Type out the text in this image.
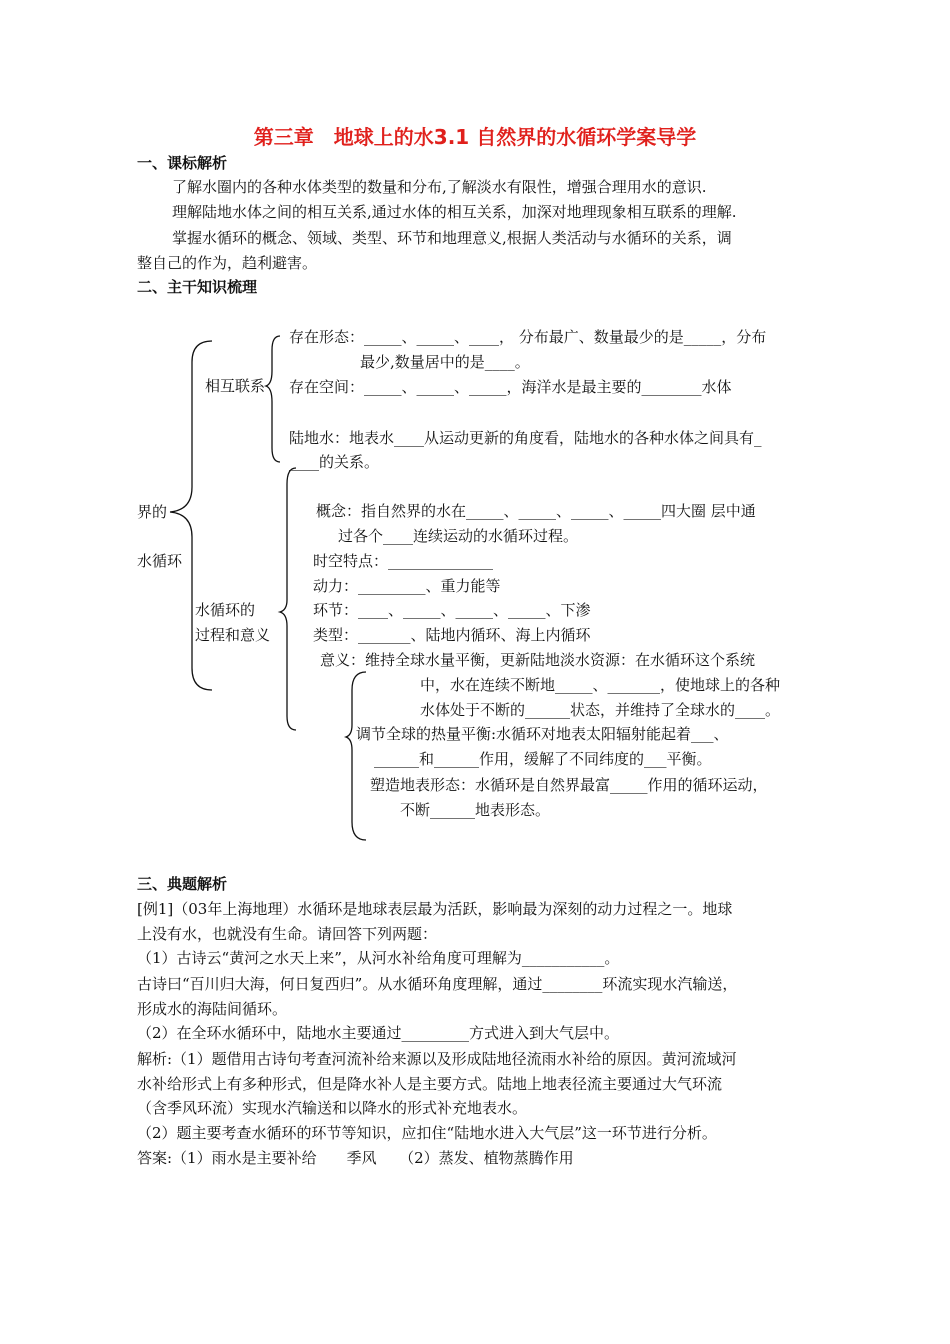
第三章　地球上的水3.1 自然界的水循环学案导学
一、课标解析
了解水圈内的各种水体类型的数量和分布,了解淡水有限性，增强合理用水的意识.
理解陆地水体之间的相互关系,通过水体的相互关系，加深对地理现象相互联系的理解.
掌握水循环的概念、领域、类型、环节和地理意义,根据人类活动与水循环的关系，调
整自己的作为，趋利避害。
二、主干知识梳理
界的
水循环
相互联系
存在形态：_____、_____、____， 分布最广、数量最少的是_____，分布
最少,数量居中的是____。
存在空间：_____、_____、_____，海洋水是最主要的________水体
陆地水：地表水____从运动更新的角度看，陆地水的各种水体之间具有_
____的关系。
水循环的
过程和意义
概念：指自然界的水在_____、_____、_____、_____四大圈 层中通
过各个____连续运动的水循环过程。
时空特点：______________
动力：_________、重力能等
环节：____、_____、_____、_____、下渗
类型：_______、陆地内循环、海上内循环
意义：维持全球水量平衡，更新陆地淡水资源：在水循环这个系统
中，水在连续不断地_____、_______，使地球上的各种
水体处于不断的______状态，并维持了全球水的____。
调节全球的热量平衡:水循环对地表太阳辐射能起着___、
______和______作用，缓解了不同纬度的___平衡。
塑造地表形态：水循环是自然界最富_____作用的循环运动，
不断______地表形态。
三、典题解析
[例1]（03年上海地理）水循环是地球表层最为活跃，影响最为深刻的动力过程之一。地球
上没有水，也就没有生命。请回答下列两题：
（1）古诗云“黄河之水天上来”，从河水补给角度可理解为___________。
古诗曰“百川归大海，何日复西归”。从水循环角度理解，通过________环流实现水汽输送，
形成水的海陆间循环。
（2）在全环水循环中，陆地水主要通过_________方式进入到大气层中。
解析:（1）题借用古诗句考查河流补给来源以及形成陆地径流雨水补给的原因。黄河流域河
水补给形式上有多种形式，但是降水补人是主要方式。陆地上地表径流主要通过大气环流
（含季风环流）实现水汽输送和以降水的形式补充地表水。
（2）题主要考查水循环的环节等知识，应扣住“陆地水进入大气层”这一环节进行分析。
答案:（1）雨水是主要补给　　季风　　（2）蒸发、植物蒸腾作用
